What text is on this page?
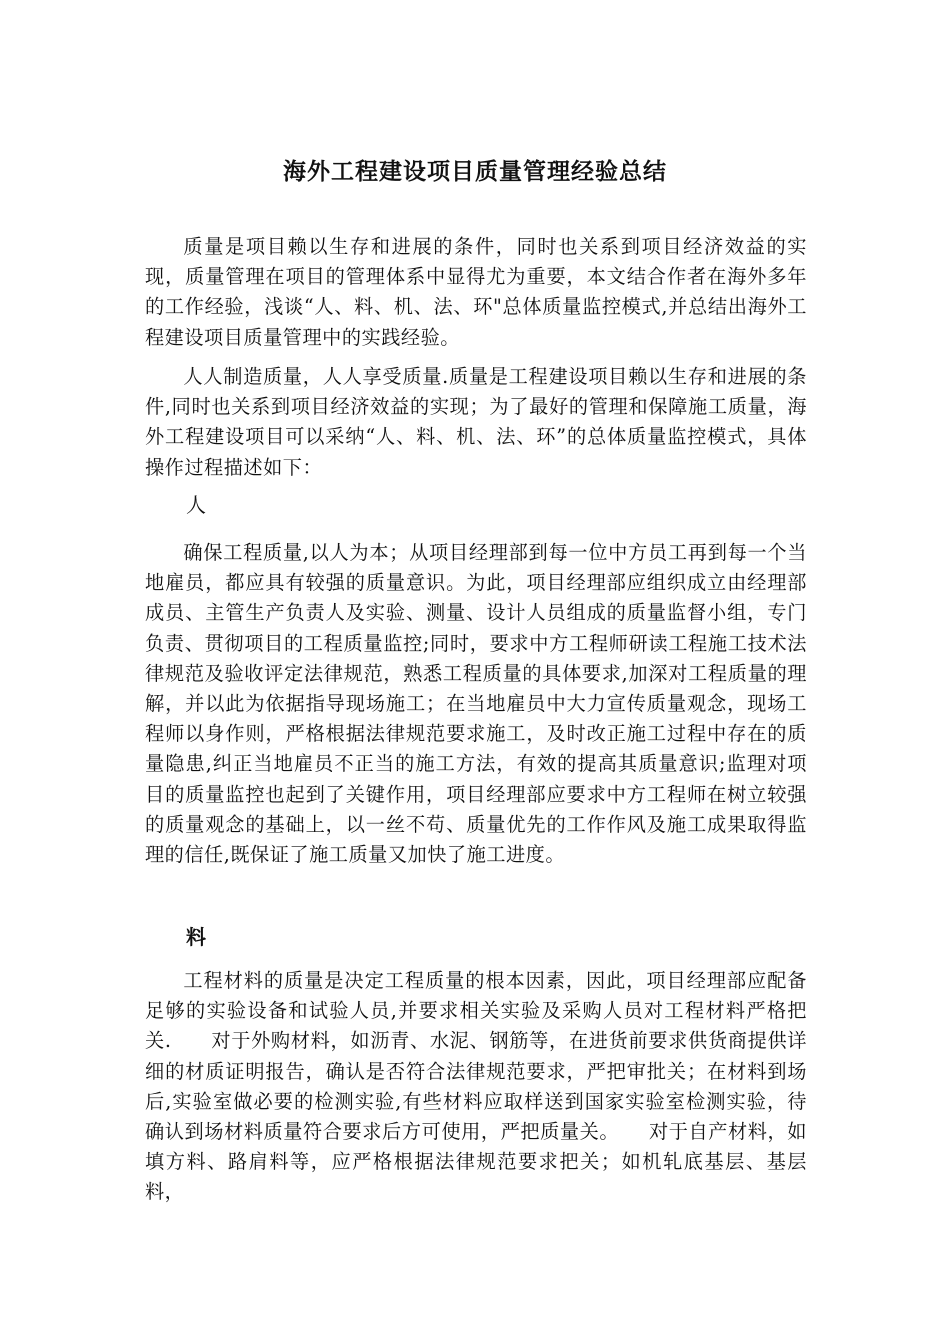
海外工程建设项目质量管理经验总结

质量是项目赖以生存和进展的条件，同时也关系到项目经济效益的实现，质量管理在项目的管理体系中显得尤为重要，本文结合作者在海外多年的工作经验，浅谈“人、料、机、法、环"总体质量监控模式,并总结出海外工程建设项目质量管理中的实践经验。

人人制造质量，人人享受质量.质量是工程建设项目赖以生存和进展的条件,同时也关系到项目经济效益的实现；为了最好的管理和保障施工质量，海外工程建设项目可以采纳“人、料、机、法、环”的总体质量监控模式，具体操作过程描述如下：

人

确保工程质量,以人为本；从项目经理部到每一位中方员工再到每一个当地雇员，都应具有较强的质量意识。为此，项目经理部应组织成立由经理部成员、主管生产负责人及实验、测量、设计人员组成的质量监督小组，专门负责、贯彻项目的工程质量监控;同时，要求中方工程师研读工程施工技术法律规范及验收评定法律规范，熟悉工程质量的具体要求,加深对工程质量的理解，并以此为依据指导现场施工；在当地雇员中大力宣传质量观念，现场工程师以身作则，严格根据法律规范要求施工，及时改正施工过程中存在的质量隐患,纠正当地雇员不正当的施工方法，有效的提高其质量意识;监理对项目的质量监控也起到了关键作用，项目经理部应要求中方工程师在树立较强的质量观念的基础上，以一丝不苟、质量优先的工作作风及施工成果取得监理的信任,既保证了施工质量又加快了施工进度。

料

工程材料的质量是决定工程质量的根本因素，因此，项目经理部应配备足够的实验设备和试验人员,并要求相关实验及采购人员对工程材料严格把关.　　对于外购材料，如沥青、水泥、钢筋等，在进货前要求供货商提供详细的材质证明报告，确认是否符合法律规范要求，严把审批关；在材料到场后,实验室做必要的检测实验,有些材料应取样送到国家实验室检测实验，待确认到场材料质量符合要求后方可使用，严把质量关。　　对于自产材料，如填方料、路肩料等，应严格根据法律规范要求把关；如机轧底基层、基层料，
